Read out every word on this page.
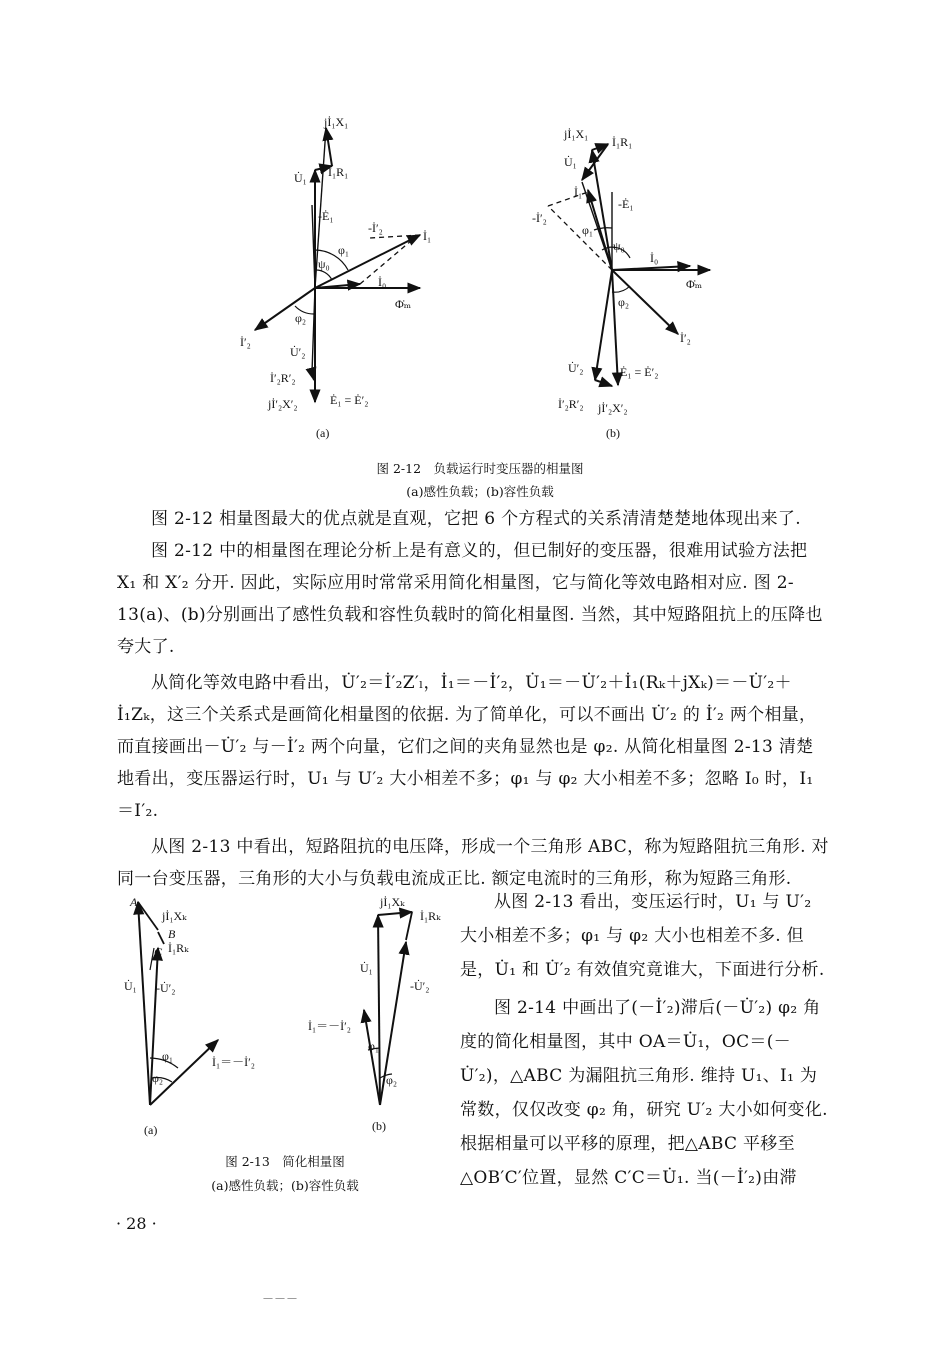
jİ₁X₁
İ₁R₁
U̇₁
-Ė₁
-İ′₂
İ₁
φ₁
ψ₀
İ₀
Φ̇ₘ
φ₂
İ′₂
U̇′₂
İ′₂R′₂
jİ′₂X′₂	Ė₁ = Ė′₂
(a)
jİ₁X₁
İ₁R₁
U̇₁
İ₁
-Ė₁
-İ′₂
φ₁
ψ₀
İ₀
Φ̇ₘ
φ₂
İ′₂
U̇′₂	Ė₁ = Ė′₂
İ′₂R′₂ jİ′₂X′₂
(b)
图 2-12　负载运行时变压器的相量图
(a)感性负载；(b)容性负载

图 2-12 相量图最大的优点就是直观，它把 6 个方程式的关系清清楚楚地体现出来了.

图 2-12 中的相量图在理论分析上是有意义的，但已制好的变压器，很难用试验方法把 X₁ 和 X′₂ 分开. 因此，实际应用时常常采用简化相量图，它与简化等效电路相对应. 图 2-13(a)、(b)分别画出了感性负载和容性负载时的简化相量图. 当然，其中短路阻抗上的压降也夸大了.

从简化等效电路中看出，U̇′₂＝İ′₂Z′ₗ，İ₁＝－İ′₂，U̇₁＝－U̇′₂＋İ₁(Rₖ＋jXₖ)＝－U̇′₂＋İ₁Zₖ，这三个关系式是画简化相量图的依据. 为了简单化，可以不画出 U̇′₂ 的 İ′₂ 两个相量，而直接画出－U̇′₂ 与－İ′₂ 两个向量，它们之间的夹角显然也是 φ₂. 从简化相量图 2-13 清楚地看出，变压器运行时，U₁ 与 U′₂ 大小相差不多；φ₁ 与 φ₂ 大小相差不多；忽略 I₀ 时，I₁＝I′₂.

从图 2-13 中看出，短路阻抗的电压降，形成一个三角形 ABC，称为短路阻抗三角形. 对同一台变压器，三角形的大小与负载电流成正比. 额定电流时的三角形，称为短路三角形.

A
jİ₁Xₖ
B
C İ₁Rₖ
U̇₁ -U̇′₂
φ₁
φ₂
İ₁＝－İ′₂
(a)
jİ₁Xₖ
İ₁Rₖ
U̇₁
-U̇′₂
İ₁＝－İ′₂
φ₁
φ₂
(b)
图 2-13　简化相量图
(a)感性负载；(b)容性负载

从图 2-13 看出，变压运行时，U₁ 与 U′₂ 大小相差不多；φ₁ 与 φ₂ 大小也相差不多. 但是，U̇₁ 和 U̇′₂ 有效值究竟谁大，下面进行分析.

图 2-14 中画出了(－İ′₂)滞后(－U̇′₂) φ₂ 角度的简化相量图，其中 OA＝U̇₁，OC＝(－U̇′₂)，△ABC 为漏阻抗三角形. 维持 U₁、I₁ 为常数，仅仅改变 φ₂ 角，研究 U′₂ 大小如何变化. 根据相量可以平移的原理，把△ABC 平移至△OB′C′位置，显然 C′C＝U̇₁. 当(－İ′₂)由滞

· 28 ·
－－－
